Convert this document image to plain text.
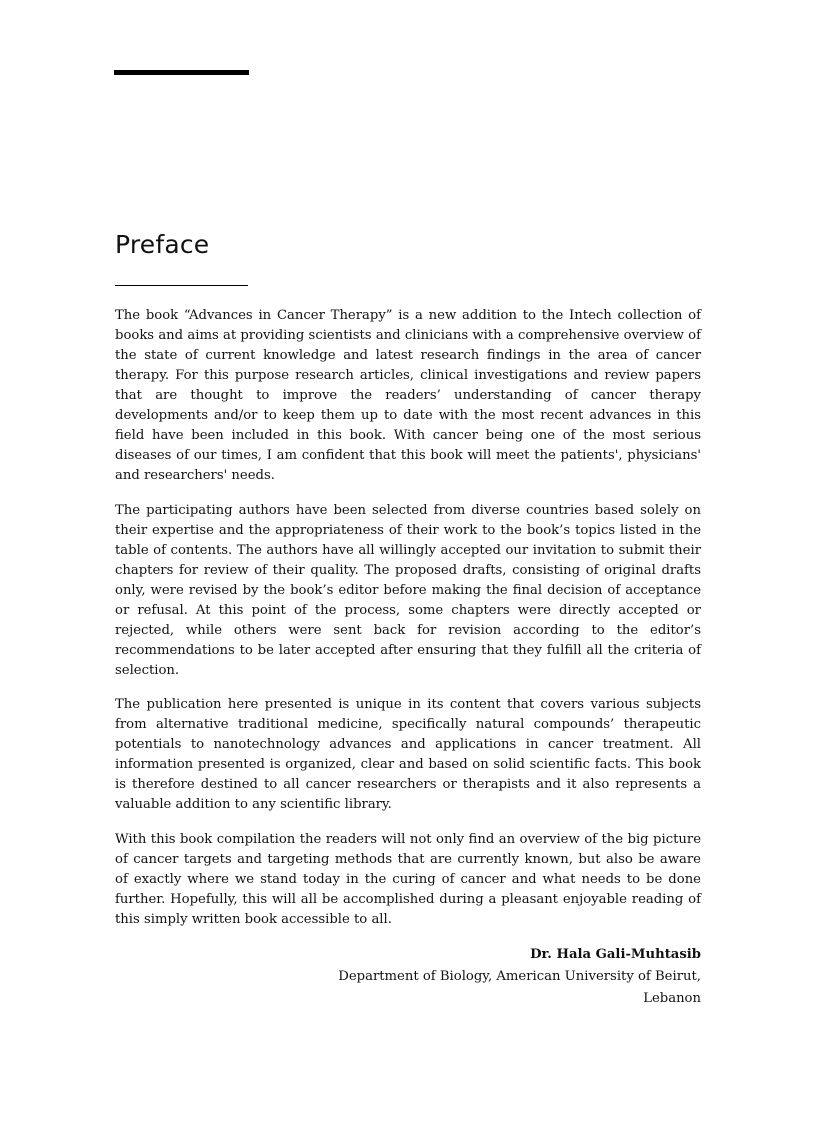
Preface

The book “Advances in Cancer Therapy” is a new addition to the Intech collection of books and aims at providing scientists and clinicians with a comprehensive overview of the state of current knowledge and latest research findings in the area of cancer therapy. For this purpose research articles, clinical investigations and review papers that are thought to improve the readers’ understanding of cancer therapy developments and/or to keep them up to date with the most recent advances in this field have been included in this book. With cancer being one of the most serious diseases of our times, I am confident that this book will meet the patients', physicians' and researchers' needs.

The participating authors have been selected from diverse countries based solely on their expertise and the appropriateness of their work to the book’s topics listed in the table of contents. The authors have all willingly accepted our invitation to submit their chapters for review of their quality. The proposed drafts, consisting of original drafts only, were revised by the book’s editor before making the final decision of acceptance or refusal. At this point of the process, some chapters were directly accepted or rejected, while others were sent back for revision according to the editor’s recommendations to be later accepted after ensuring that they fulfill all the criteria of selection.

The publication here presented is unique in its content that covers various subjects from alternative traditional medicine, specifically natural compounds’ therapeutic potentials to nanotechnology advances and applications in cancer treatment. All information presented is organized, clear and based on solid scientific facts. This book is therefore destined to all cancer researchers or therapists and it also represents a valuable addition to any scientific library.

With this book compilation the readers will not only find an overview of the big picture of cancer targets and targeting methods that are currently known, but also be aware of exactly where we stand today in the curing of cancer and what needs to be done further. Hopefully, this will all be accomplished during a pleasant enjoyable reading of this simply written book accessible to all.

Dr. Hala Gali-Muhtasib
Department of Biology, American University of Beirut,
Lebanon
